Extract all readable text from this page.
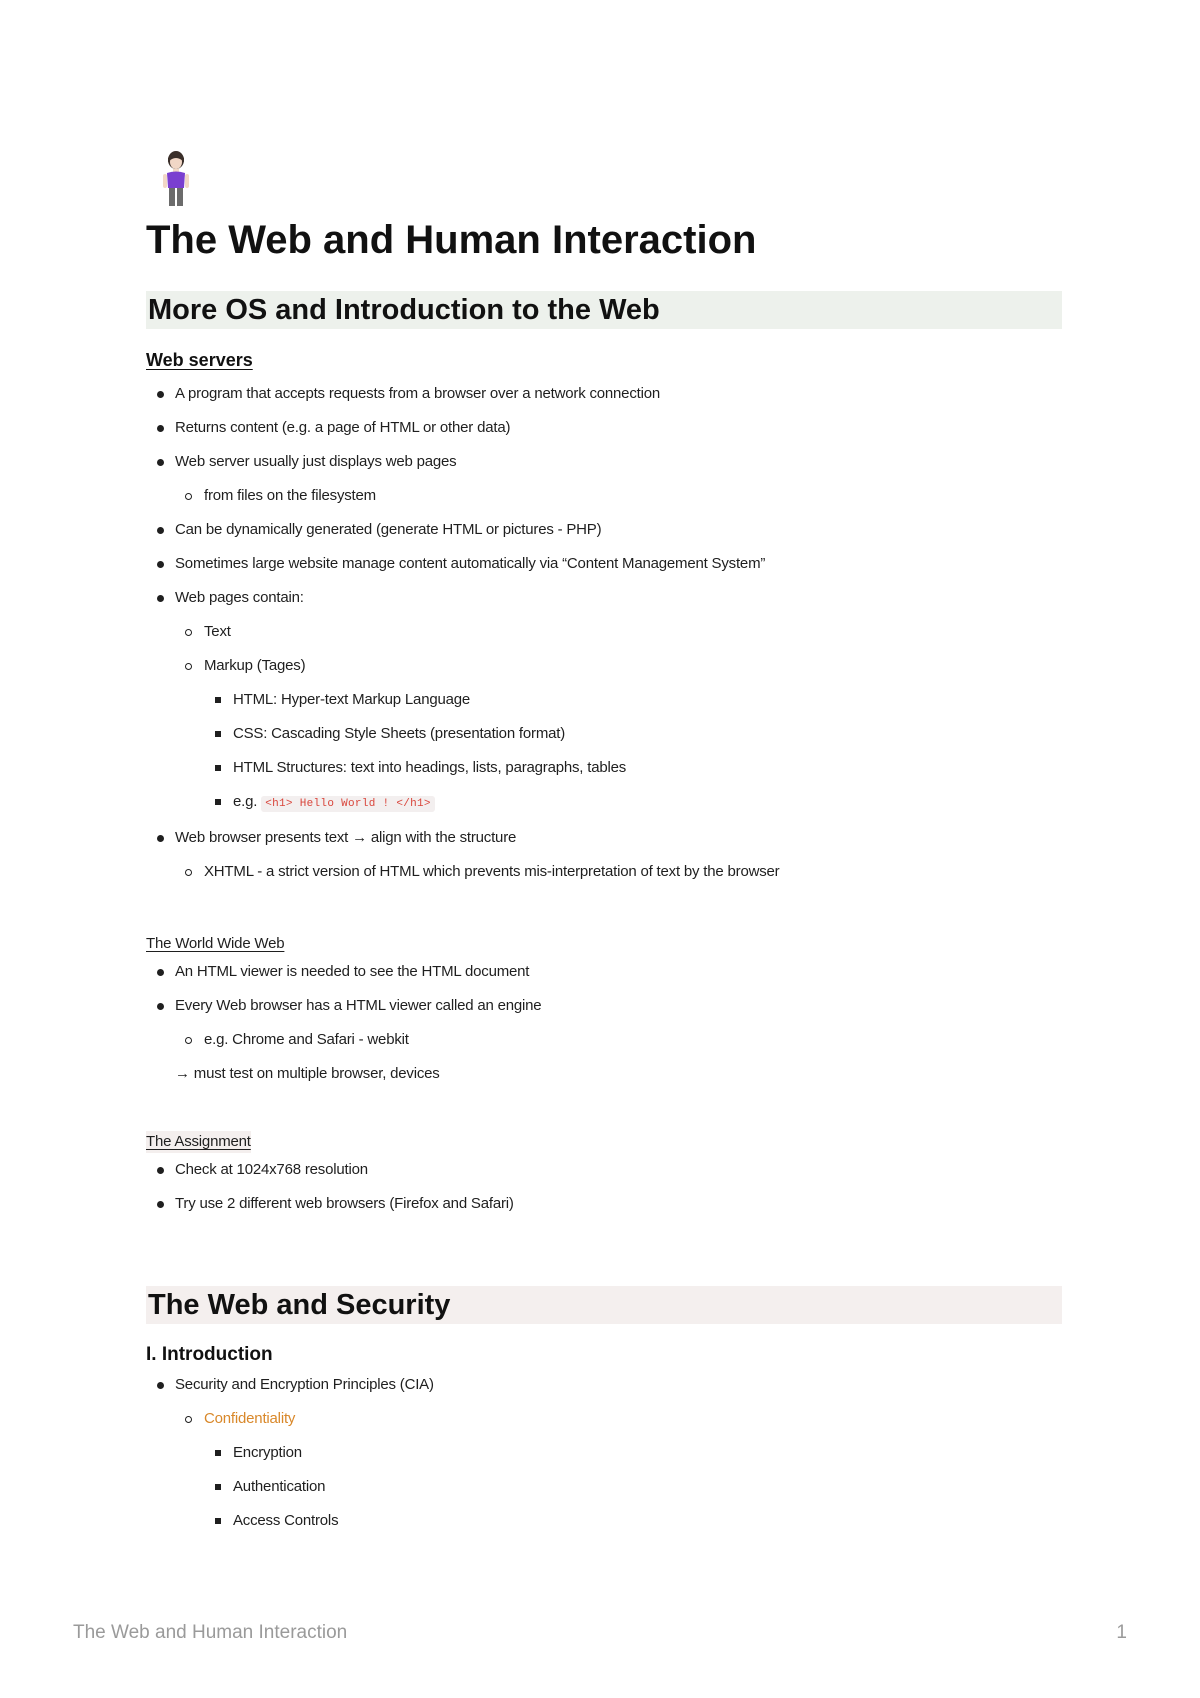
The Web and Human Interaction
More OS and Introduction to the Web
Web servers
A program that accepts requests from a browser over a network connection
Returns content (e.g. a page of HTML or other data)
Web server usually just displays web pages
from files on the filesystem
Can be dynamically generated (generate HTML or pictures - PHP)
Sometimes large website manage content automatically via “Content Management System”
Web pages contain:
Text
Markup (Tages)
HTML: Hyper-text Markup Language
CSS: Cascading Style Sheets (presentation format)
HTML Structures: text into headings, lists, paragraphs, tables
e.g. <h1> Hello World ! </h1>
Web browser presents text → align with the structure
XHTML - a strict version of HTML which prevents mis-interpretation of text by the browser
The World Wide Web
An HTML viewer is needed to see the HTML document
Every Web browser has a HTML viewer called an engine
e.g. Chrome and Safari - webkit
→ must test on multiple browser, devices
The Assignment
Check at 1024x768 resolution
Try use 2 different web browsers (Firefox and Safari)
The Web and Security
I. Introduction
Security and Encryption Principles (CIA)
Confidentiality
Encryption
Authentication
Access Controls
The Web and Human Interaction	1
